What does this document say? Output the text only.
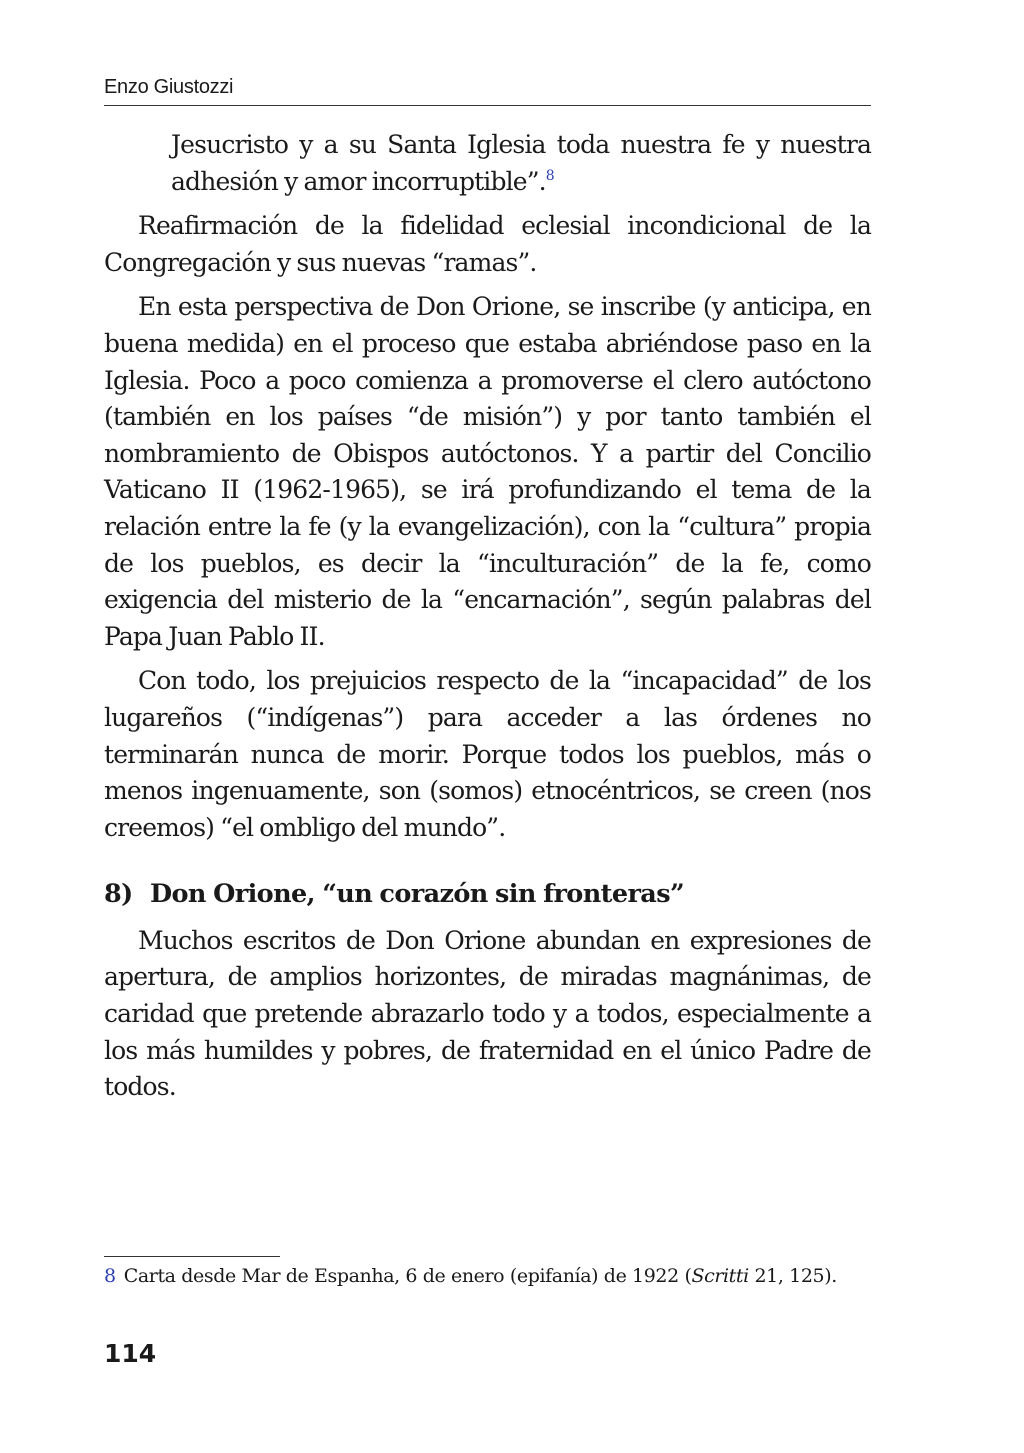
Enzo Giustozzi

Jesucristo y a su Santa Iglesia toda nuestra fe y nuestra adhesión y amor incorruptible”.$^8$

Reafirmación de la fidelidad eclesial incondicional de la Congregación y sus nuevas “ramas”.

En esta perspectiva de Don Orione, se inscribe (y anticipa, en buena medida) en el proceso que estaba abriéndose paso en la Iglesia. Poco a poco comienza a promoverse el clero autóctono (también en los países “de misión”) y por tanto también el nombramiento de Obispos autóctonos. Y a partir del Concilio Vaticano II (1962-1965), se irá profundizando el tema de la relación entre la fe (y la evangelización), con la “cultura” propia de los pueblos, es decir la “inculturación” de la fe, como exigencia del misterio de la “encarnación”, según palabras del Papa Juan Pablo II.

Con todo, los prejuicios respecto de la “incapacidad” de los lugareños (“indígenas”) para acceder a las órdenes no terminarán nunca de morir. Porque todos los pueblos, más o menos ingenuamente, son (somos) etnocéntricos, se creen (nos creemos) “el ombligo del mundo”.

8) Don Orione, “un corazón sin fronteras”

Muchos escritos de Don Orione abundan en expresiones de apertura, de amplios horizontes, de miradas magnánimas, de caridad que pretende abrazarlo todo y a todos, especialmente a los más humildes y pobres, de fraternidad en el único Padre de todos.

8 Carta desde Mar de Espanha, 6 de enero (epifanía) de 1922 (Scritti 21, 125).

114
